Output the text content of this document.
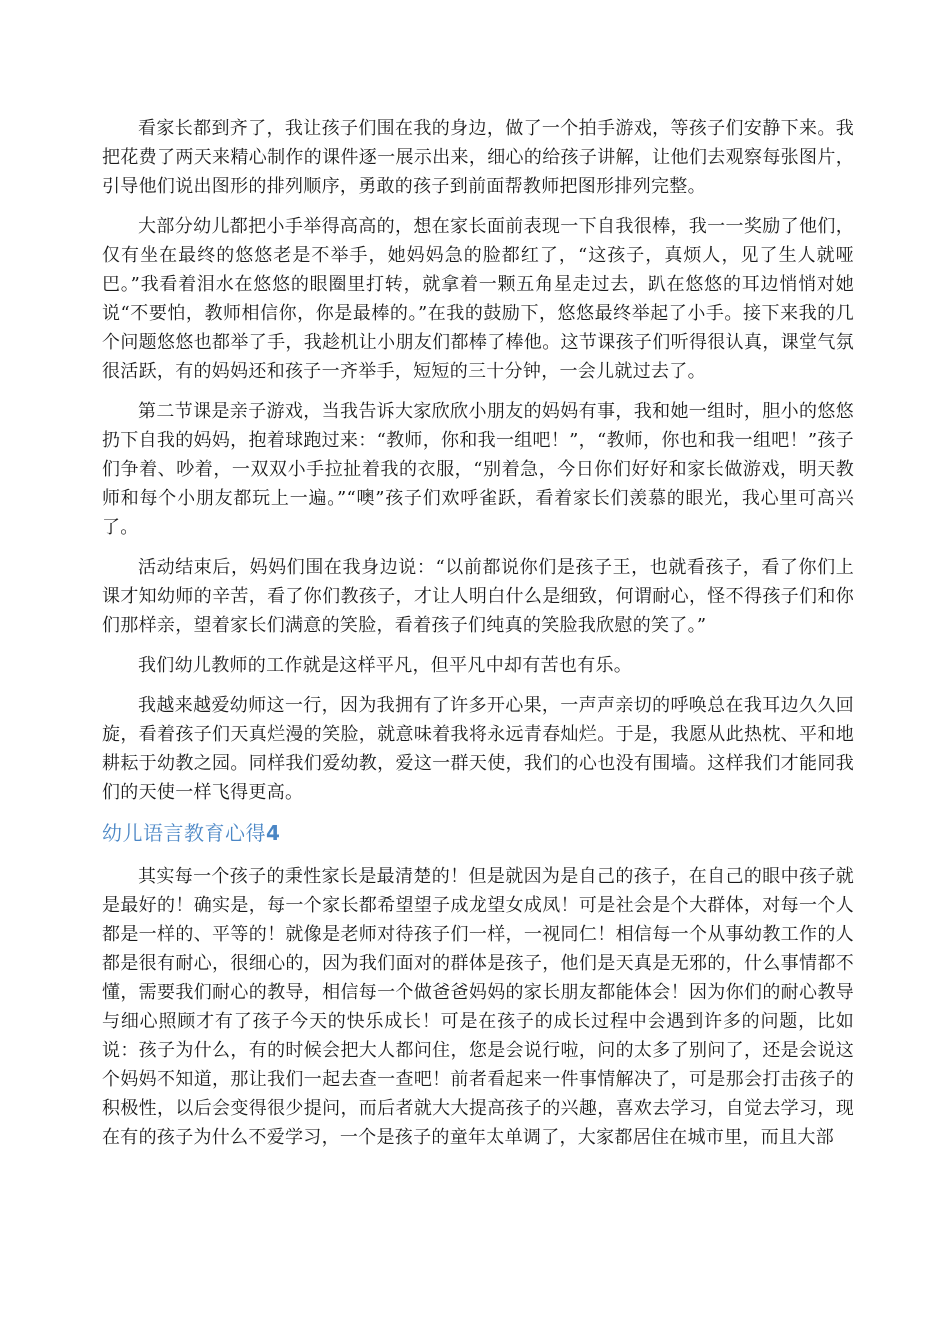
看家长都到齐了，我让孩子们围在我的身边，做了一个拍手游戏，等孩子们安静下来。我把花费了两天来精心制作的课件逐一展示出来，细心的给孩子讲解，让他们去观察每张图片，引导他们说出图形的排列顺序，勇敢的孩子到前面帮教师把图形排列完整。

大部分幼儿都把小手举得高高的，想在家长面前表现一下自我很棒，我一一奖励了他们，仅有坐在最终的悠悠老是不举手，她妈妈急的脸都红了，“这孩子，真烦人，见了生人就哑巴。”我看着泪水在悠悠的眼圈里打转，就拿着一颗五角星走过去，趴在悠悠的耳边悄悄对她说“不要怕，教师相信你，你是最棒的。”在我的鼓励下，悠悠最终举起了小手。接下来我的几个问题悠悠也都举了手，我趁机让小朋友们都棒了棒他。这节课孩子们听得很认真，课堂气氛很活跃，有的妈妈还和孩子一齐举手，短短的三十分钟，一会儿就过去了。

第二节课是亲子游戏，当我告诉大家欣欣小朋友的妈妈有事，我和她一组时，胆小的悠悠扔下自我的妈妈，抱着球跑过来：“教师，你和我一组吧！”，“教师，你也和我一组吧！”孩子们争着、吵着，一双双小手拉扯着我的衣服，“别着急，今日你们好好和家长做游戏，明天教师和每个小朋友都玩上一遍。”“噢”孩子们欢呼雀跃，看着家长们羡慕的眼光，我心里可高兴了。

活动结束后，妈妈们围在我身边说：“以前都说你们是孩子王，也就看孩子，看了你们上课才知幼师的辛苦，看了你们教孩子，才让人明白什么是细致，何谓耐心，怪不得孩子们和你们那样亲，望着家长们满意的笑脸，看着孩子们纯真的笑脸我欣慰的笑了。”

我们幼儿教师的工作就是这样平凡，但平凡中却有苦也有乐。

我越来越爱幼师这一行，因为我拥有了许多开心果，一声声亲切的呼唤总在我耳边久久回旋，看着孩子们天真烂漫的笑脸，就意味着我将永远青春灿烂。于是，我愿从此热枕、平和地耕耘于幼教之园。同样我们爱幼教，爱这一群天使，我们的心也没有围墙。这样我们才能同我们的天使一样飞得更高。

幼儿语言教育心得4

其实每一个孩子的秉性家长是最清楚的！但是就因为是自己的孩子，在自己的眼中孩子就是最好的！确实是，每一个家长都希望望子成龙望女成凤！可是社会是个大群体，对每一个人都是一样的、平等的！就像是老师对待孩子们一样，一视同仁！相信每一个从事幼教工作的人都是很有耐心，很细心的，因为我们面对的群体是孩子，他们是天真是无邪的，什么事情都不懂，需要我们耐心的教导，相信每一个做爸爸妈妈的家长朋友都能体会！因为你们的耐心教导与细心照顾才有了孩子今天的快乐成长！可是在孩子的成长过程中会遇到许多的问题，比如说：孩子为什么，有的时候会把大人都问住，您是会说行啦，问的太多了别问了，还是会说这个妈妈不知道，那让我们一起去查一查吧！前者看起来一件事情解决了，可是那会打击孩子的积极性，以后会变得很少提问，而后者就大大提高孩子的兴趣，喜欢去学习，自觉去学习，现在有的孩子为什么不爱学习，一个是孩子的童年太单调了，大家都居住在城市里，而且大部
